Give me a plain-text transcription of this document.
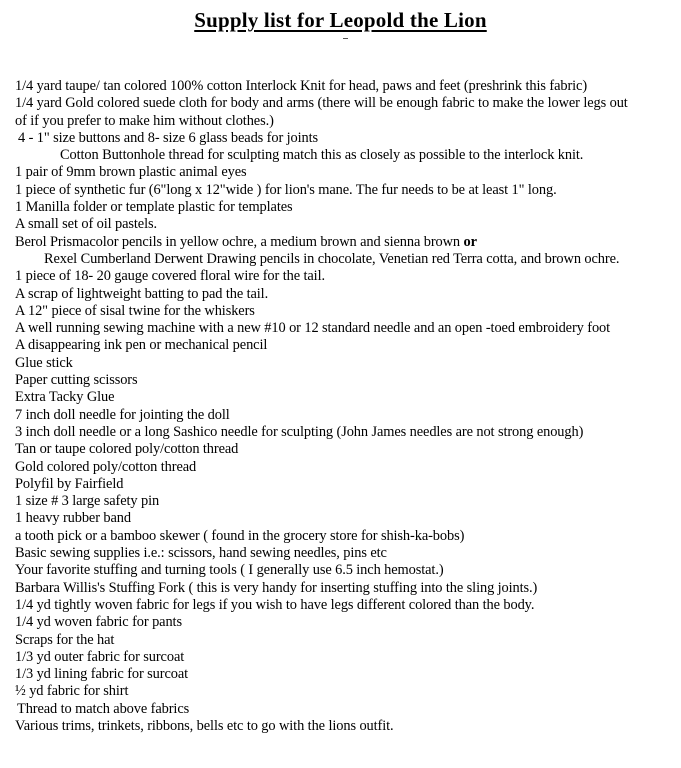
Supply list for Leopold the Lion
1/4 yard taupe/ tan colored 100% cotton Interlock Knit for head, paws and feet (preshrink this fabric)
1/4 yard Gold colored suede cloth for body and arms (there will be enough fabric to make the lower legs out
of if you prefer to make him without clothes.)
4 - 1" size buttons and 8- size 6 glass beads for joints
Cotton Buttonhole thread for sculpting match this as closely as possible to the interlock knit.
1 pair of 9mm brown plastic animal eyes
1 piece of synthetic fur (6"long x 12"wide ) for lion's mane. The fur needs to be at least 1" long.
1 Manilla folder or template plastic for templates
A small set of oil pastels.
Berol Prismacolor pencils in yellow ochre, a medium brown and sienna brown or
Rexel Cumberland Derwent Drawing pencils in chocolate, Venetian red Terra cotta, and brown ochre.
1 piece of 18- 20 gauge covered floral wire for the tail.
A scrap of lightweight batting to pad the tail.
A 12" piece of sisal twine for the whiskers
A well running sewing machine with a new #10 or 12 standard needle and an open -toed embroidery foot
A disappearing ink pen or mechanical pencil
Glue stick
Paper cutting scissors
Extra Tacky Glue
7 inch doll needle for jointing the doll
3 inch doll needle or a long Sashico needle for sculpting (John James needles are not strong enough)
Tan or taupe colored poly/cotton thread
Gold colored poly/cotton thread
Polyfil by Fairfield
1 size # 3 large safety pin
1 heavy rubber band
a tooth pick or a bamboo skewer ( found in the grocery store for shish-ka-bobs)
Basic sewing supplies i.e.: scissors, hand sewing needles, pins etc
Your favorite stuffing and turning tools ( I generally use 6.5 inch hemostat.)
Barbara Willis's Stuffing Fork ( this is very handy for inserting stuffing into the sling joints.)
1/4 yd tightly woven fabric for legs if you wish to have legs different colored than the body.
1/4 yd woven fabric for pants
Scraps for the hat
1/3 yd outer fabric for surcoat
1/3 yd lining fabric for surcoat
½ yd fabric for shirt
Thread to match above fabrics
Various trims, trinkets, ribbons, bells etc to go with the lions outfit.
